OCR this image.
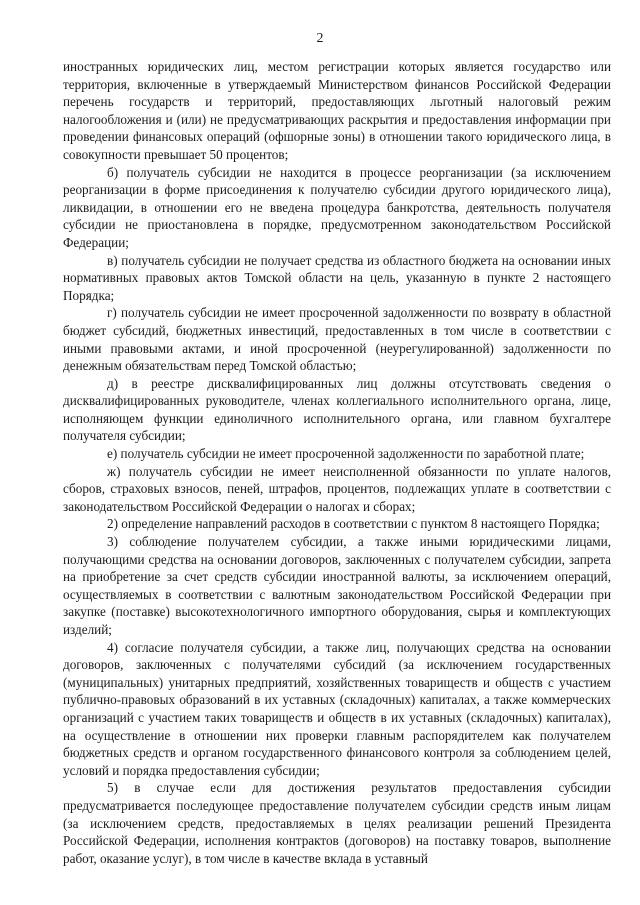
2

иностранных юридических лиц, местом регистрации которых является государство или территория, включенные в утверждаемый Министерством финансов Российской Федерации перечень государств и территорий, предоставляющих льготный налоговый режим налогообложения и (или) не предусматривающих раскрытия и предоставления информации при проведении финансовых операций (офшорные зоны) в отношении такого юридического лица, в совокупности превышает 50 процентов;

б) получатель субсидии не находится в процессе реорганизации (за исключением реорганизации в форме присоединения к получателю субсидии другого юридического лица), ликвидации, в отношении его не введена процедура банкротства, деятельность получателя субсидии не приостановлена в порядке, предусмотренном законодательством Российской Федерации;

в) получатель субсидии не получает средства из областного бюджета на основании иных нормативных правовых актов Томской области на цель, указанную в пункте 2 настоящего Порядка;

г) получатель субсидии не имеет просроченной задолженности по возврату в областной бюджет субсидий, бюджетных инвестиций, предоставленных в том числе в соответствии с иными правовыми актами, и иной просроченной (неурегулированной) задолженности по денежным обязательствам перед Томской областью;

д) в реестре дисквалифицированных лиц должны отсутствовать сведения о дисквалифицированных руководителе, членах коллегиального исполнительного органа, лице, исполняющем функции единоличного исполнительного органа, или главном бухгалтере получателя субсидии;

е) получатель субсидии не имеет просроченной задолженности по заработной плате;

ж) получатель субсидии не имеет неисполненной обязанности по уплате налогов, сборов, страховых взносов, пеней, штрафов, процентов, подлежащих уплате в соответствии с законодательством Российской Федерации о налогах и сборах;

2) определение направлений расходов в соответствии с пунктом 8 настоящего Порядка;

3) соблюдение получателем субсидии, а также иными юридическими лицами, получающими средства на основании договоров, заключенных с получателем субсидии, запрета на приобретение за счет средств субсидии иностранной валюты, за исключением операций, осуществляемых в соответствии с валютным законодательством Российской Федерации при закупке (поставке) высокотехнологичного импортного оборудования, сырья и комплектующих изделий;

4) согласие получателя субсидии, а также лиц, получающих средства на основании договоров, заключенных с получателями субсидий (за исключением государственных (муниципальных) унитарных предприятий, хозяйственных товариществ и обществ с участием публично-правовых образований в их уставных (складочных) капиталах, а также коммерческих организаций с участием таких товариществ и обществ в их уставных (складочных) капиталах), на осуществление в отношении них проверки главным распорядителем как получателем бюджетных средств и органом государственного финансового контроля за соблюдением целей, условий и порядка предоставления субсидии;

5) в случае если для достижения результатов предоставления субсидии предусматривается последующее предоставление получателем субсидии средств иным лицам (за исключением средств, предоставляемых в целях реализации решений Президента Российской Федерации, исполнения контрактов (договоров) на поставку товаров, выполнение работ, оказание услуг), в том числе в качестве вклада в уставный
